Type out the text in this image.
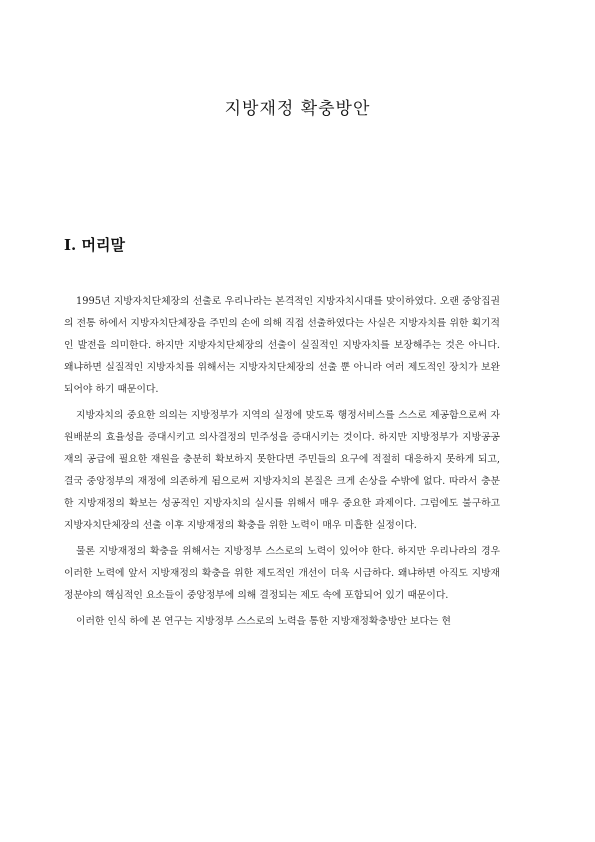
지방재정 확충방안
I. 머리말

1995년 지방자치단체장의 선출로 우리나라는 본격적인 지방자치시대를 맞이하였다. 오랜 중앙집권의 전통 하에서 지방자치단체장을 주민의 손에 의해 직접 선출하였다는 사실은 지방자치를 위한 획기적인 발전을 의미한다. 하지만 지방자치단체장의 선출이 실질적인 지방자치를 보장해주는 것은 아니다. 왜냐하면 실질적인 지방자치를 위해서는 지방자치단체장의 선출 뿐 아니라 여러 제도적인 장치가 보완되어야 하기 때문이다.

지방자치의 중요한 의의는 지방정부가 지역의 실정에 맞도록 행정서비스를 스스로 제공함으로써 자원배분의 효율성을 증대시키고 의사결정의 민주성을 증대시키는 것이다. 하지만 지방정부가 지방공공재의 공급에 필요한 재원을 충분히 확보하지 못한다면 주민들의 요구에 적절히 대응하지 못하게 되고, 결국 중앙정부의 재정에 의존하게 됨으로써 지방자치의 본질은 크게 손상을 수밖에 없다. 따라서 충분한 지방재정의 확보는 성공적인 지방자치의 실시를 위해서 매우 중요한 과제이다. 그럼에도 불구하고 지방자치단체장의 선출 이후 지방재정의 확충을 위한 노력이 매우 미흡한 실정이다.

물론 지방재정의 확충을 위해서는 지방정부 스스로의 노력이 있어야 한다. 하지만 우리나라의 경우 이러한 노력에 앞서 지방재정의 확충을 위한 제도적인 개선이 더욱 시급하다. 왜냐하면 아직도 지방재정분야의 핵심적인 요소들이 중앙정부에 의해 결정되는 제도 속에 포함되어 있기 때문이다.

이러한 인식 하에 본 연구는 지방정부 스스로의 노력을 통한 지방재정확충방안 보다는 현
